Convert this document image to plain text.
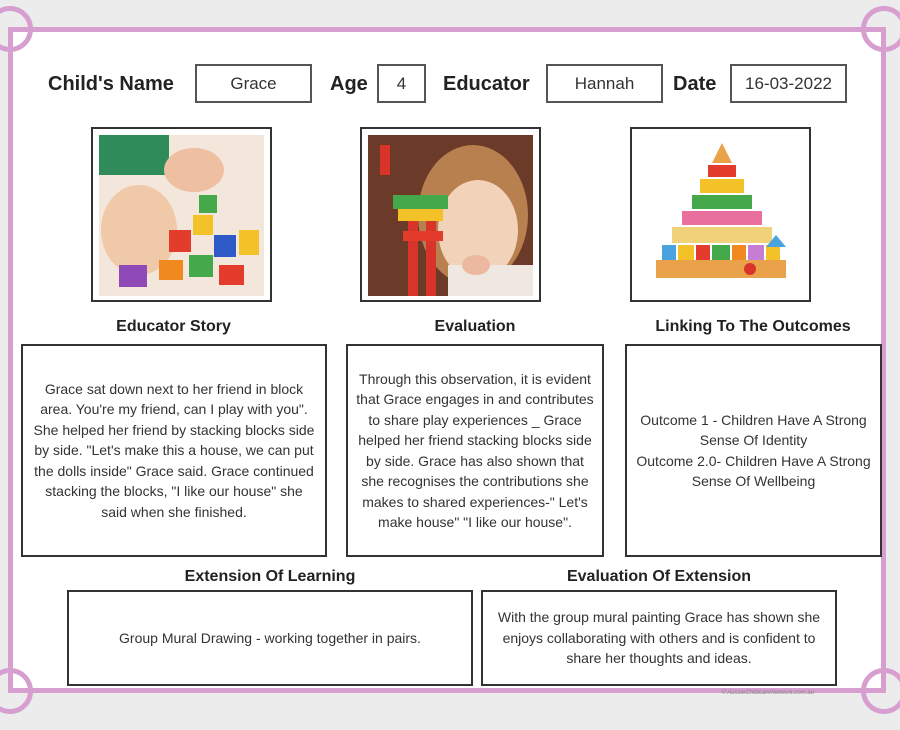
Child's Name	Grace	Age	4	Educator	Hannah	Date	16-03-2022
Educator Story	Evaluation	Linking To The Outcomes
Grace sat down next to her friend in block area. You're my friend, can I play with you". She helped her friend by stacking blocks side by side. "Let's make this a house, we can put the dolls inside" Grace said. Grace continued stacking the blocks, "I like our house" she said when she finished.
Through this observation, it is evident that Grace engages in and contributes to share play experiences _ Grace helped her friend stacking blocks side by side. Grace has also shown that she recognises the contributions she makes to shared experiences-" Let's make house" "I like our house".
Outcome 1 - Children Have A Strong Sense Of Identity
Outcome 2.0- Children Have A Strong Sense Of Wellbeing
Extension Of Learning	Evaluation Of Extension
Group Mural Drawing - working together in pairs.
With the group mural painting Grace has shown she enjoys collaborating with others and is confident to share her thoughts and ideas.
© AussieChildcareNetwork.com.au
